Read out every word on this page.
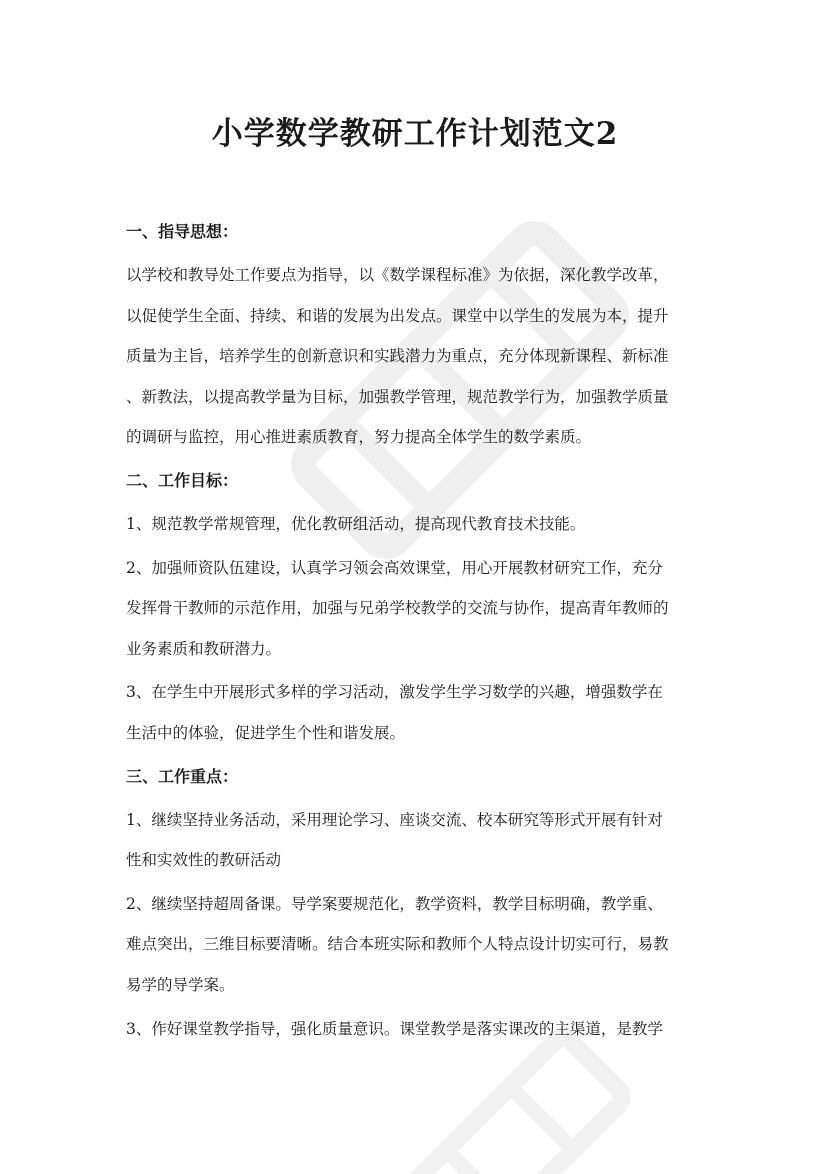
小学数学教研工作计划范文2
一、指导思想：
以学校和教导处工作要点为指导，以《数学课程标准》为依据，深化教学改革，
以促使学生全面、持续、和谐的发展为出发点。课堂中以学生的发展为本，提升
质量为主旨，培养学生的创新意识和实践潜力为重点，充分体现新课程、新标准
、新教法，以提高教学量为目标，加强教学管理，规范教学行为，加强教学质量
的调研与监控，用心推进素质教育，努力提高全体学生的数学素质。
二、工作目标：
1、规范教学常规管理，优化教研组活动，提高现代教育技术技能。
2、加强师资队伍建设，认真学习领会高效课堂，用心开展教材研究工作，充分
发挥骨干教师的示范作用，加强与兄弟学校教学的交流与协作，提高青年教师的
业务素质和教研潜力。
3、在学生中开展形式多样的学习活动，激发学生学习数学的兴趣，增强数学在
生活中的体验，促进学生个性和谐发展。
三、工作重点：
1、继续坚持业务活动，采用理论学习、座谈交流、校本研究等形式开展有针对
性和实效性的教研活动
2、继续坚持超周备课。导学案要规范化，教学资料，教学目标明确，教学重、
难点突出，三维目标要清晰。结合本班实际和教师个人特点设计切实可行，易教
易学的导学案。
3、作好课堂教学指导，强化质量意识。课堂教学是落实课改的主渠道，是教学
